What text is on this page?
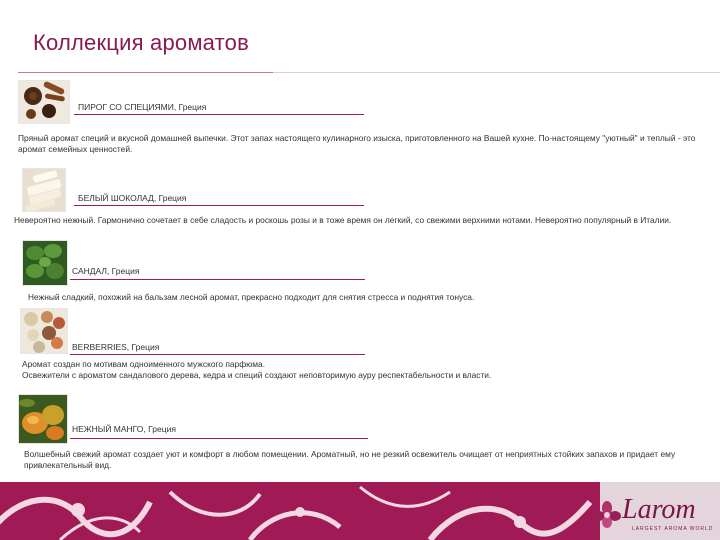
Коллекция ароматов
ПИРОГ СО СПЕЦИЯМИ, Греция
Пряный аромат специй и вкусной домашней выпечки. Этот запах настоящего кулинарного изыска, приготовленного на Вашей кухне. По-настоящему "уютный" и теплый - это аромат семейных ценностей.
БЕЛЫЙ ШОКОЛАД, Греция
Невероятно нежный. Гармонично сочетает в себе сладость и роскошь розы и в тоже время он легкий, со свежими верхними нотами. Невероятно популярный в Италии.
САНДАЛ, Греция
Нежный сладкий, похожий на бальзам лесной аромат, прекрасно подходит для снятия стресса и поднятия тонуса.
BERBERRIES, Греция
Аромат создан по мотивам одноименного мужского парфюма.
Освежители с ароматом сандалового дерева, кедра и специй создают неповторимую ауру респектабельности и власти.
НЕЖНЫЙ МАНГО, Греция
Волшебный свежий аромат создает уют и комфорт в любом помещении. Ароматный, но не резкий освежитель очищает от неприятных стойких запахов и придает ему привлекательный вид.
Larom
LARGEST AROMA WORLD
